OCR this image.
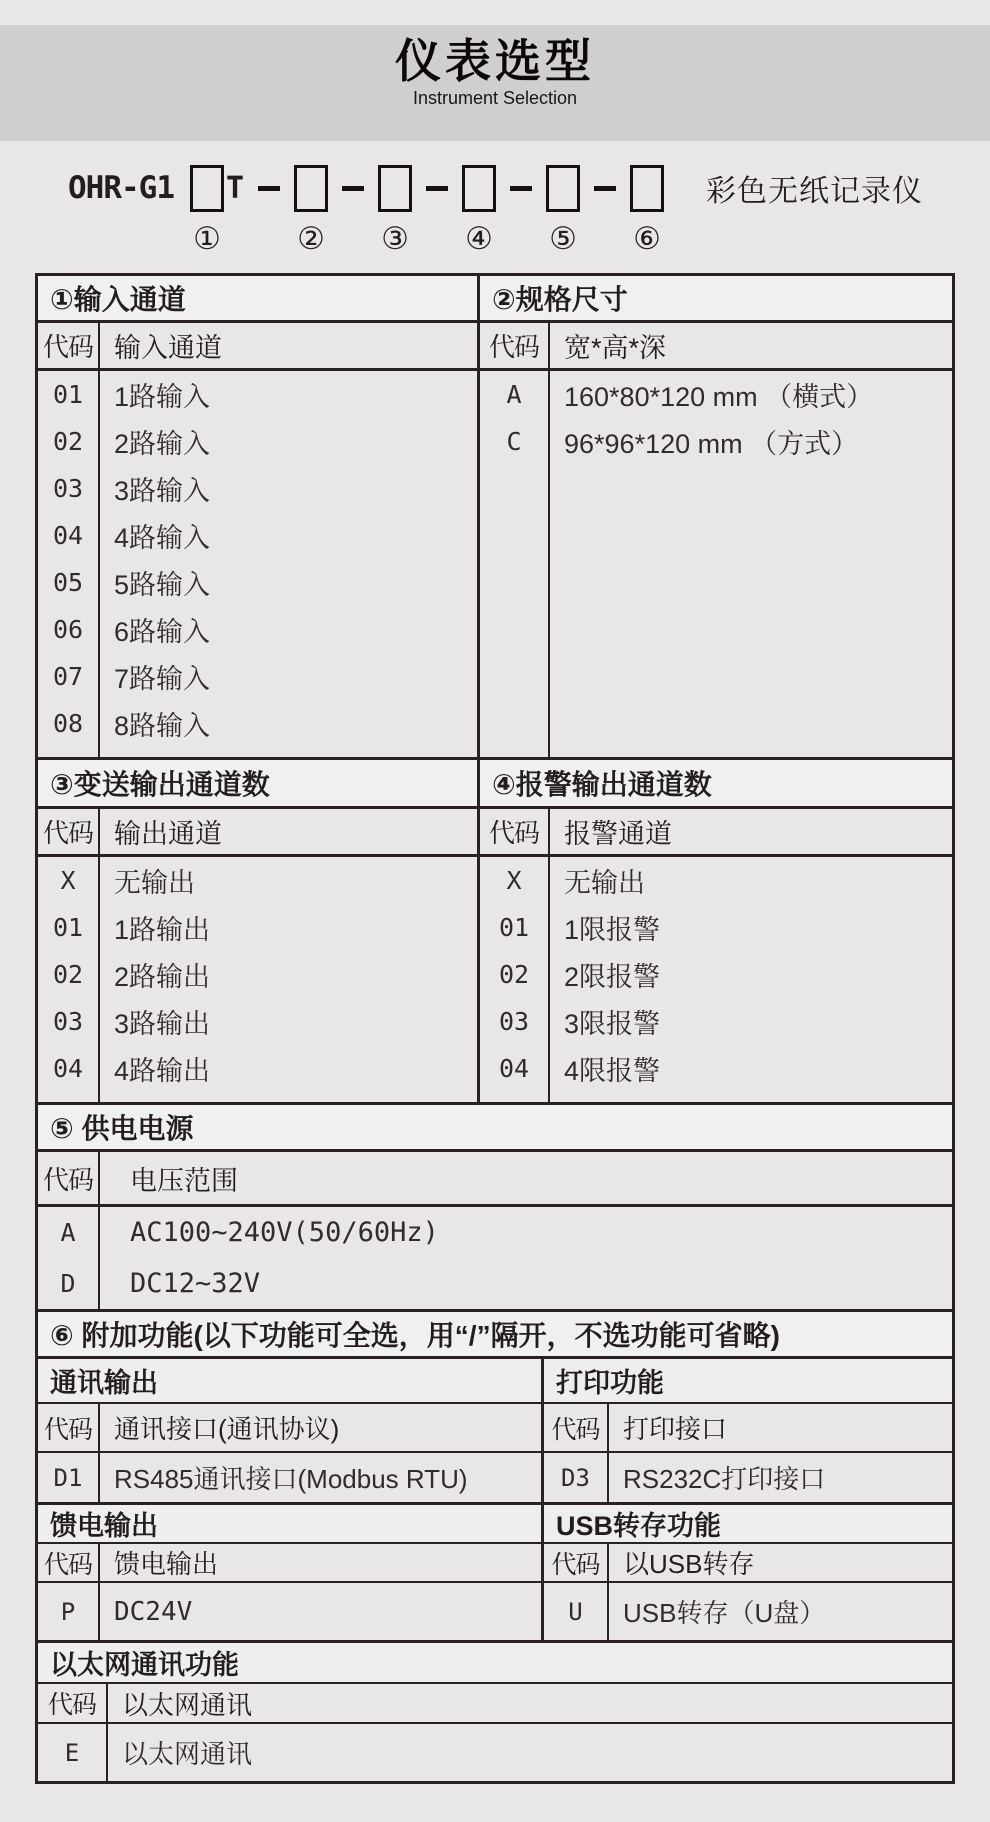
仪表选型
Instrument Selection
OHR-G1 T
① ② ③ ④ ⑤ ⑥
彩色无纸记录仪
①输入通道
代码 输入通道
01	1路输入
02	2路输入
03	3路输入
04	4路输入
05	5路输入
06	6路输入
07	7路输入
08	8路输入
②规格尺寸
代码 宽*高*深
A	160*80*120 mm （横式）
C	96*96*120 mm （方式）
③变送输出通道数
代码 输出通道
X	无输出
01	1路输出
02	2路输出
03	3路输出
04	4路输出
④报警输出通道数
代码 报警通道
X	无输出
01	1限报警
02	2限报警
03	3限报警
04	4限报警
⑤ 供电电源
代码	电压范围
A	AC100~240V(50/60Hz)
D	DC12~32V
⑥ 附加功能(以下功能可全选，用“/”隔开，不选功能可省略)
通讯输出
代码 通讯接口(通讯协议)
D1	RS485通讯接口(Modbus RTU)
馈电输出
代码 馈电输出
P	DC24V
打印功能
代码 打印接口
D3	RS232C打印接口
USB转存功能
代码 以USB转存
U	USB转存（U盘）
以太网通讯功能
代码	以太网通讯
E	以太网通讯
